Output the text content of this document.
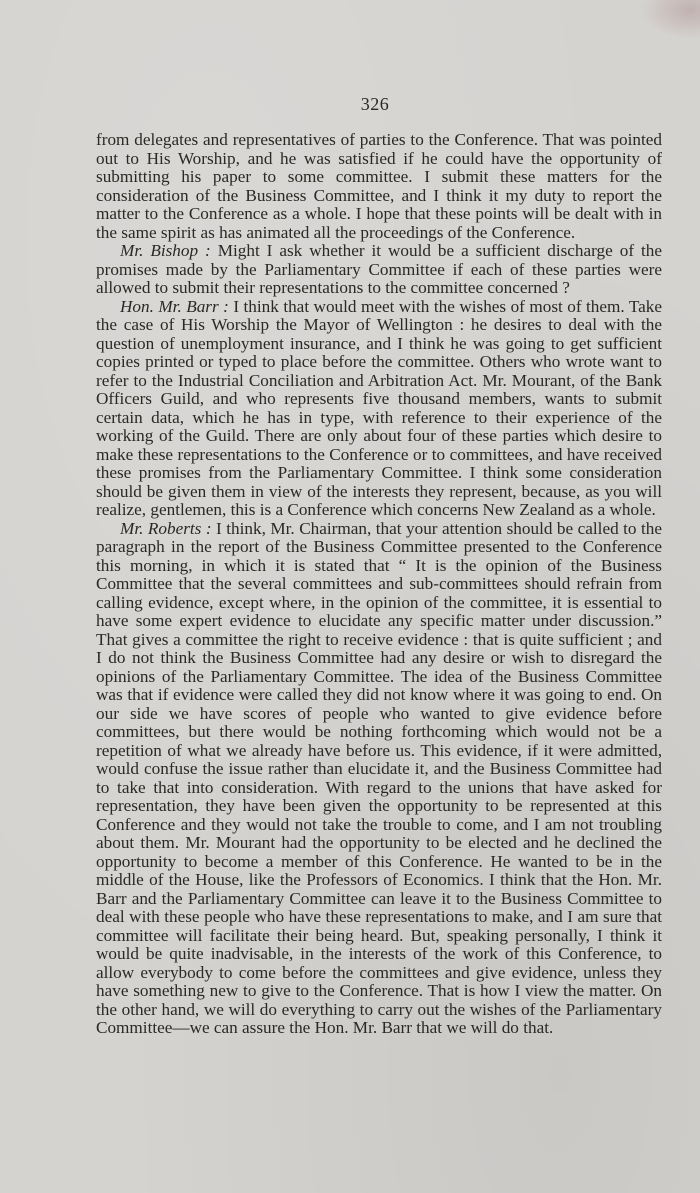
326

from delegates and representatives of parties to the Conference. That was pointed out to His Worship, and he was satisfied if he could have the opportunity of submitting his paper to some committee. I submit these matters for the consideration of the Business Committee, and I think it my duty to report the matter to the Conference as a whole. I hope that these points will be dealt with in the same spirit as has animated all the proceedings of the Conference.

Mr. Bishop : Might I ask whether it would be a sufficient discharge of the promises made by the Parliamentary Committee if each of these parties were allowed to submit their representations to the committee concerned ?

Hon. Mr. Barr : I think that would meet with the wishes of most of them. Take the case of His Worship the Mayor of Wellington : he desires to deal with the question of unemployment insurance, and I think he was going to get sufficient copies printed or typed to place before the committee. Others who wrote want to refer to the Industrial Conciliation and Arbitration Act. Mr. Mourant, of the Bank Officers Guild, and who represents five thousand members, wants to submit certain data, which he has in type, with reference to their experience of the working of the Guild. There are only about four of these parties which desire to make these representations to the Conference or to committees, and have received these promises from the Parliamentary Committee. I think some consideration should be given them in view of the interests they represent, because, as you will realize, gentlemen, this is a Conference which concerns New Zealand as a whole.

Mr. Roberts : I think, Mr. Chairman, that your attention should be called to the paragraph in the report of the Business Committee presented to the Conference this morning, in which it is stated that “ It is the opinion of the Business Committee that the several committees and sub-committees should refrain from calling evidence, except where, in the opinion of the committee, it is essential to have some expert evidence to elucidate any specific matter under discussion.” That gives a committee the right to receive evidence : that is quite sufficient ; and I do not think the Business Committee had any desire or wish to disregard the opinions of the Parliamentary Committee. The idea of the Business Committee was that if evidence were called they did not know where it was going to end. On our side we have scores of people who wanted to give evidence before committees, but there would be nothing forthcoming which would not be a repetition of what we already have before us. This evidence, if it were admitted, would confuse the issue rather than elucidate it, and the Business Committee had to take that into consideration. With regard to the unions that have asked for representation, they have been given the opportunity to be represented at this Conference and they would not take the trouble to come, and I am not troubling about them. Mr. Mourant had the opportunity to be elected and he declined the opportunity to become a member of this Conference. He wanted to be in the middle of the House, like the Professors of Economics. I think that the Hon. Mr. Barr and the Parliamentary Committee can leave it to the Business Committee to deal with these people who have these representations to make, and I am sure that committee will facilitate their being heard. But, speaking personally, I think it would be quite inadvisable, in the interests of the work of this Conference, to allow everybody to come before the committees and give evidence, unless they have something new to give to the Conference. That is how I view the matter. On the other hand, we will do everything to carry out the wishes of the Parliamentary Committee—we can assure the Hon. Mr. Barr that we will do that.
